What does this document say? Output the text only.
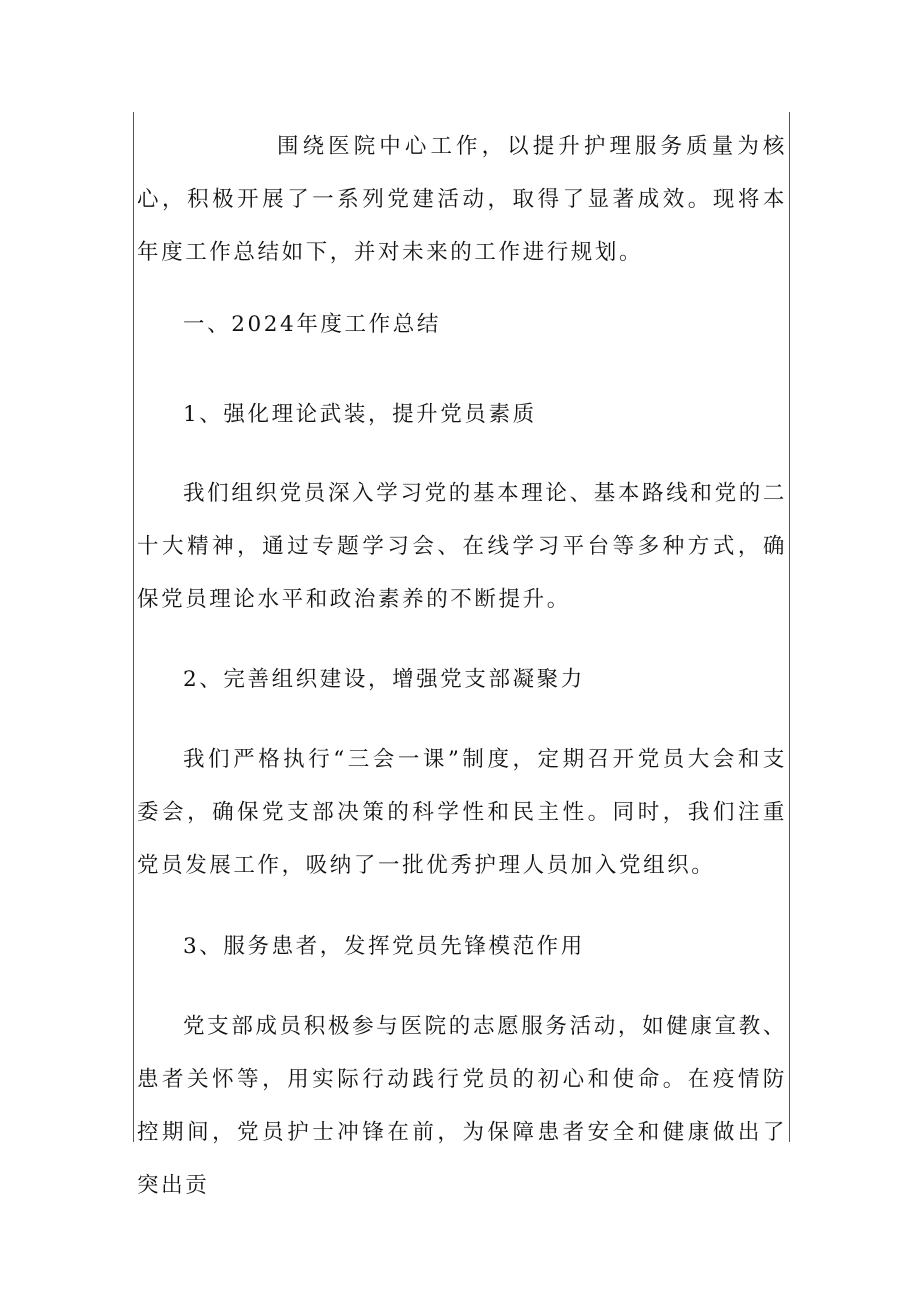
围绕医院中心工作，以提升护理服务质量为核心，积极开展了一系列党建活动，取得了显著成效。现将本年度工作总结如下，并对未来的工作进行规划。

一、2024年度工作总结

1、强化理论武装，提升党员素质

我们组织党员深入学习党的基本理论、基本路线和党的二十大精神，通过专题学习会、在线学习平台等多种方式，确保党员理论水平和政治素养的不断提升。

2、完善组织建设，增强党支部凝聚力

我们严格执行“三会一课”制度，定期召开党员大会和支委会，确保党支部决策的科学性和民主性。同时，我们注重党员发展工作，吸纳了一批优秀护理人员加入党组织。

3、服务患者，发挥党员先锋模范作用

党支部成员积极参与医院的志愿服务活动，如健康宣教、患者关怀等，用实际行动践行党员的初心和使命。在疫情防控期间，党员护士冲锋在前，为保障患者安全和健康做出了突出贡
